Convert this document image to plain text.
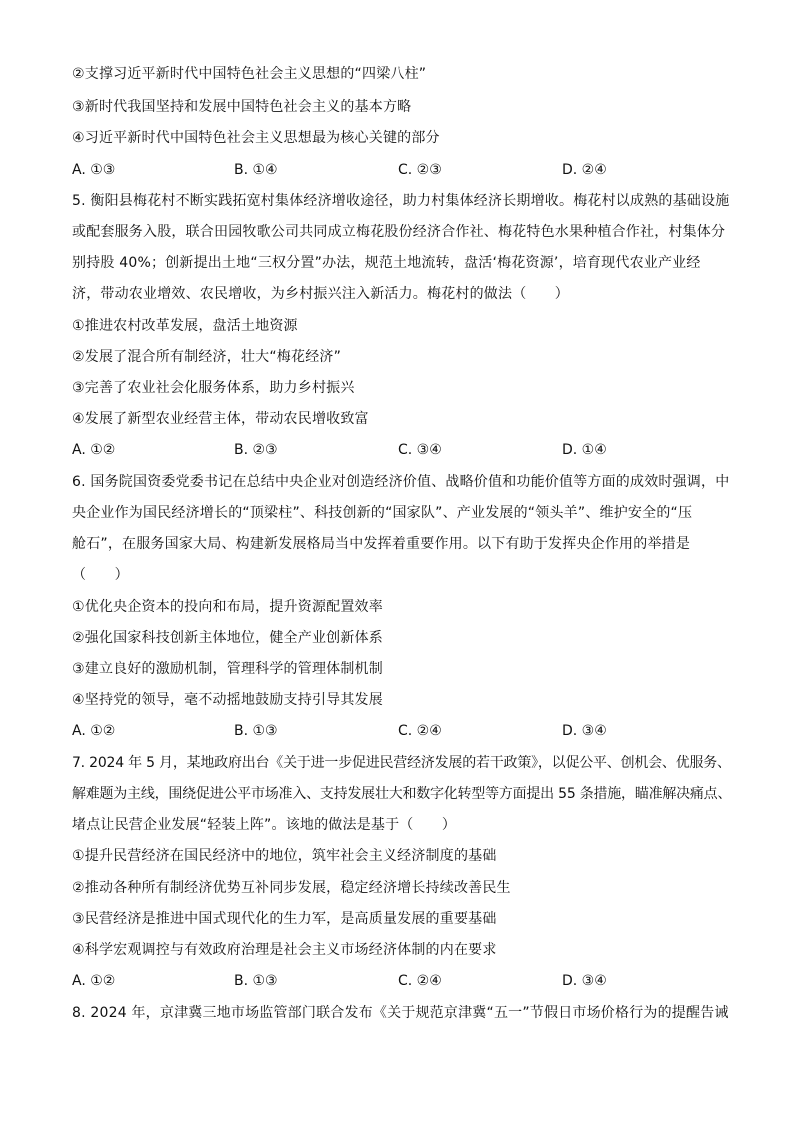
②支撑习近平新时代中国特色社会主义思想的“四梁八柱”
③新时代我国坚持和发展中国特色社会主义的基本方略
④习近平新时代中国特色社会主义思想最为核心关键的部分
A. ①③	B. ①④	C. ②③	D. ②④
5. 衡阳县梅花村不断实践拓宽村集体经济增收途径，助力村集体经济长期增收。梅花村以成熟的基础设施
或配套服务入股，联合田园牧歌公司共同成立梅花股份经济合作社、梅花特色水果种植合作社，村集体分
别持股 40%；创新提出土地“三权分置”办法，规范土地流转，盘活‘梅花资源’，培育现代农业产业经
济，带动农业增效、农民增收，为乡村振兴注入新活力。梅花村的做法（　　）
①推进农村改革发展，盘活土地资源
②发展了混合所有制经济，壮大“梅花经济”
③完善了农业社会化服务体系，助力乡村振兴
④发展了新型农业经营主体，带动农民增收致富
A. ①②	B. ②③	C. ③④	D. ①④
6. 国务院国资委党委书记在总结中央企业对创造经济价值、战略价值和功能价值等方面的成效时强调，中
央企业作为国民经济增长的“顶梁柱”、科技创新的“国家队”、产业发展的“领头羊”、维护安全的“压
舱石”，在服务国家大局、构建新发展格局当中发挥着重要作用。以下有助于发挥央企作用的举措是
（　　）
①优化央企资本的投向和布局，提升资源配置效率
②强化国家科技创新主体地位，健全产业创新体系
③建立良好的激励机制，管理科学的管理体制机制
④坚持党的领导，毫不动摇地鼓励支持引导其发展
A. ①②	B. ①③	C. ②④	D. ③④
7. 2024 年 5 月，某地政府出台《关于进一步促进民营经济发展的若干政策》，以促公平、创机会、优服务、
解难题为主线，围绕促进公平市场准入、支持发展壮大和数字化转型等方面提出 55 条措施，瞄准解决痛点、
堵点让民营企业发展“轻装上阵”。该地的做法是基于（　　）
①提升民营经济在国民经济中的地位，筑牢社会主义经济制度的基础
②推动各种所有制经济优势互补同步发展，稳定经济增长持续改善民生
③民营经济是推进中国式现代化的生力军，是高质量发展的重要基础
④科学宏观调控与有效政府治理是社会主义市场经济体制的内在要求
A. ①②	B. ①③	C. ②④	D. ③④
8. 2024 年，京津冀三地市场监管部门联合发布《关于规范京津冀“五一”节假日市场价格行为的提醒告诫
